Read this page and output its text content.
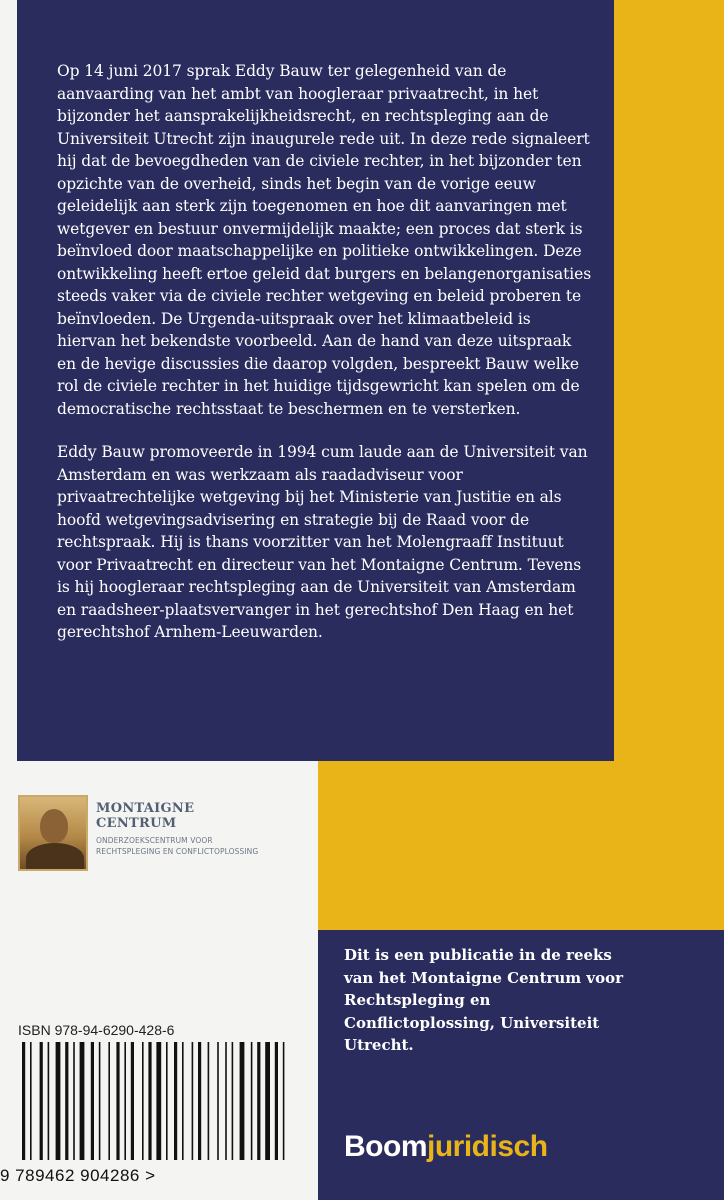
Op 14 juni 2017 sprak Eddy Bauw ter gelegenheid van de aanvaarding van het ambt van hoogleraar privaatrecht, in het bijzonder het aansprakelijkheidsrecht, en rechtspleging aan de Universiteit Utrecht zijn inaugurele rede uit. In deze rede signaleert hij dat de bevoegdheden van de civiele rechter, in het bijzonder ten opzichte van de overheid, sinds het begin van de vorige eeuw geleidelijk aan sterk zijn toegenomen en hoe dit aanvaringen met wetgever en bestuur onvermijdelijk maakte; een proces dat sterk is beïnvloed door maatschappelijke en politieke ontwikkelingen. Deze ontwikkeling heeft ertoe geleid dat burgers en belangenorganisaties steeds vaker via de civiele rechter wetgeving en beleid proberen te beïnvloeden. De Urgenda-uitspraak over het klimaatbeleid is hiervan het bekendste voorbeeld. Aan de hand van deze uitspraak en de hevige discussies die daarop volgden, bespreekt Bauw welke rol de civiele rechter in het huidige tijdsgewricht kan spelen om de democratische rechtsstaat te beschermen en te versterken.

Eddy Bauw promoveerde in 1994 cum laude aan de Universiteit van Amsterdam en was werkzaam als raadadviseur voor privaatrechtelijke wetgeving bij het Ministerie van Justitie en als hoofd wetgevingsadvisering en strategie bij de Raad voor de rechtspraak. Hij is thans voorzitter van het Molengraaff Instituut voor Privaatrecht en directeur van het Montaigne Centrum. Tevens is hij hoogleraar rechtspleging aan de Universiteit van Amsterdam en raadsheer-plaatsvervanger in het gerechtshof Den Haag en het gerechtshof Arnhem-Leeuwarden.

MONTAIGNE
CENTRUM
ONDERZOEKSCENTRUM VOOR
RECHTSPLEGING EN CONFLICTOPLOSSING
ISBN 978-94-6290-428-6
9 789462 904286 >
Dit is een publicatie in de reeks van het Montaigne Centrum voor Rechtspleging en Conflictoplossing, Universiteit Utrecht.
Boomjuridisch
